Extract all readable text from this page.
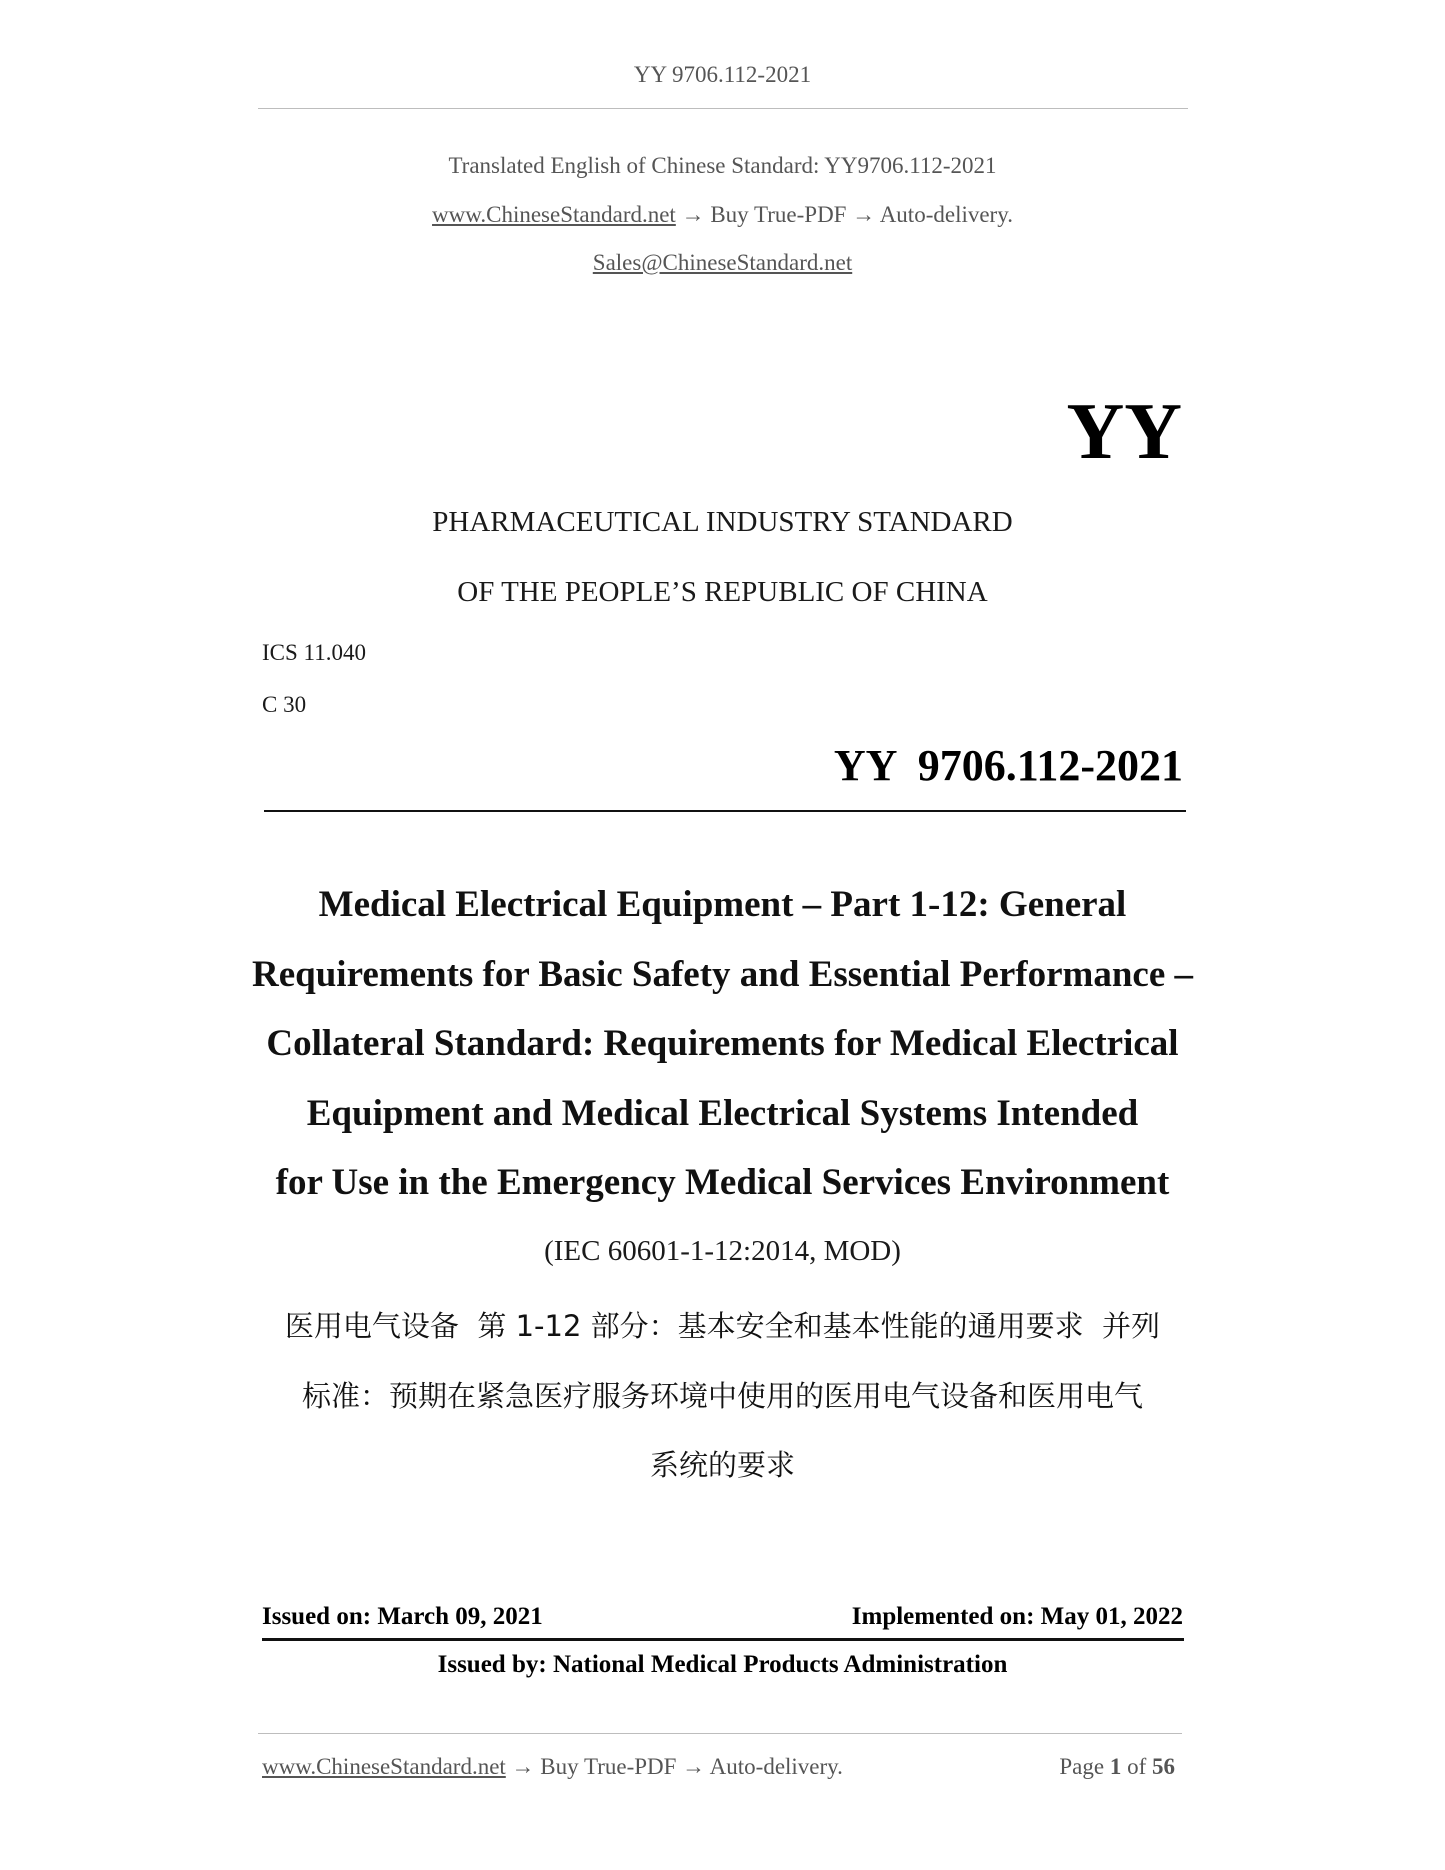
YY 9706.112-2021
Translated English of Chinese Standard: YY9706.112-2021
www.ChineseStandard.net → Buy True-PDF → Auto-delivery.
Sales@ChineseStandard.net
YY
PHARMACEUTICAL INDUSTRY STANDARD
OF THE PEOPLE’S REPUBLIC OF CHINA
ICS 11.040
C 30
YY  9706.112-2021
Medical Electrical Equipment – Part 1-12: General
Requirements for Basic Safety and Essential Performance –
Collateral Standard: Requirements for Medical Electrical
Equipment and Medical Electrical Systems Intended
for Use in the Emergency Medical Services Environment
(IEC 60601-1-12:2014, MOD)
医用电气设备  第 1-12 部分：基本安全和基本性能的通用要求  并列
标准：预期在紧急医疗服务环境中使用的医用电气设备和医用电气
系统的要求
Issued on: March 09, 2021	Implemented on: May 01, 2022
Issued by: National Medical Products Administration
www.ChineseStandard.net → Buy True-PDF → Auto-delivery.	Page 1 of 56
